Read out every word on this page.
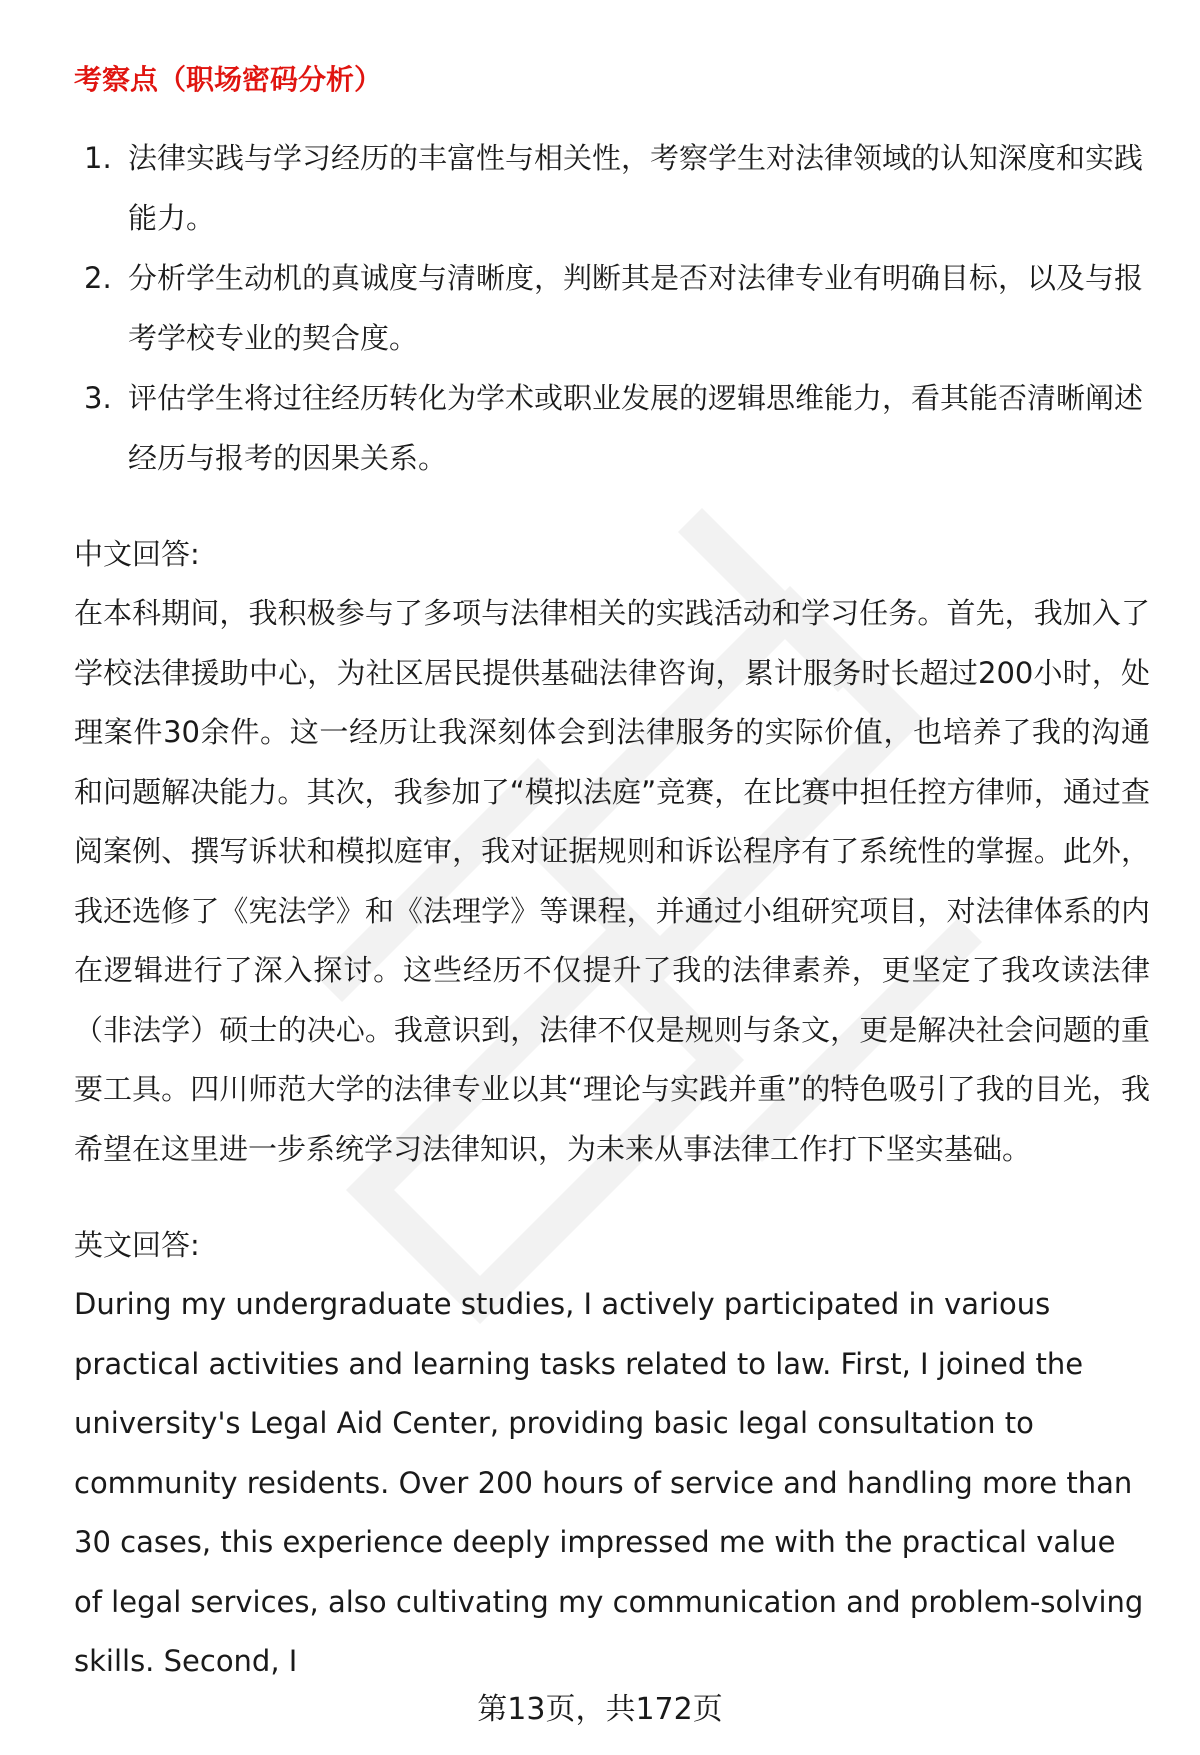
考察点（职场密码分析）
1. 法律实践与学习经历的丰富性与相关性，考察学生对法律领域的认知深度和实践能力。
2. 分析学生动机的真诚度与清晰度，判断其是否对法律专业有明确目标，以及与报考学校专业的契合度。
3. 评估学生将过往经历转化为学术或职业发展的逻辑思维能力，看其能否清晰阐述经历与报考的因果关系。
中文回答:

在本科期间，我积极参与了多项与法律相关的实践活动和学习任务。首先，我加入了学校法律援助中心，为社区居民提供基础法律咨询，累计服务时长超过200小时，处理案件30余件。这一经历让我深刻体会到法律服务的实际价值，也培养了我的沟通和问题解决能力。其次，我参加了“模拟法庭”竞赛，在比赛中担任控方律师，通过查阅案例、撰写诉状和模拟庭审，我对证据规则和诉讼程序有了系统性的掌握。此外，我还选修了《宪法学》和《法理学》等课程，并通过小组研究项目，对法律体系的内在逻辑进行了深入探讨。这些经历不仅提升了我的法律素养，更坚定了我攻读法律（非法学）硕士的决心。我意识到，法律不仅是规则与条文，更是解决社会问题的重要工具。四川师范大学的法律专业以其“理论与实践并重”的特色吸引了我的目光，我希望在这里进一步系统学习法律知识，为未来从事法律工作打下坚实基础。

英文回答:

During my undergraduate studies, I actively participated in various practical activities and learning tasks related to law. First, I joined the university's Legal Aid Center, providing basic legal consultation to community residents. Over 200 hours of service and handling more than 30 cases, this experience deeply impressed me with the practical value of legal services, also cultivating my communication and problem-solving skills. Second, I

第13页，共172页
